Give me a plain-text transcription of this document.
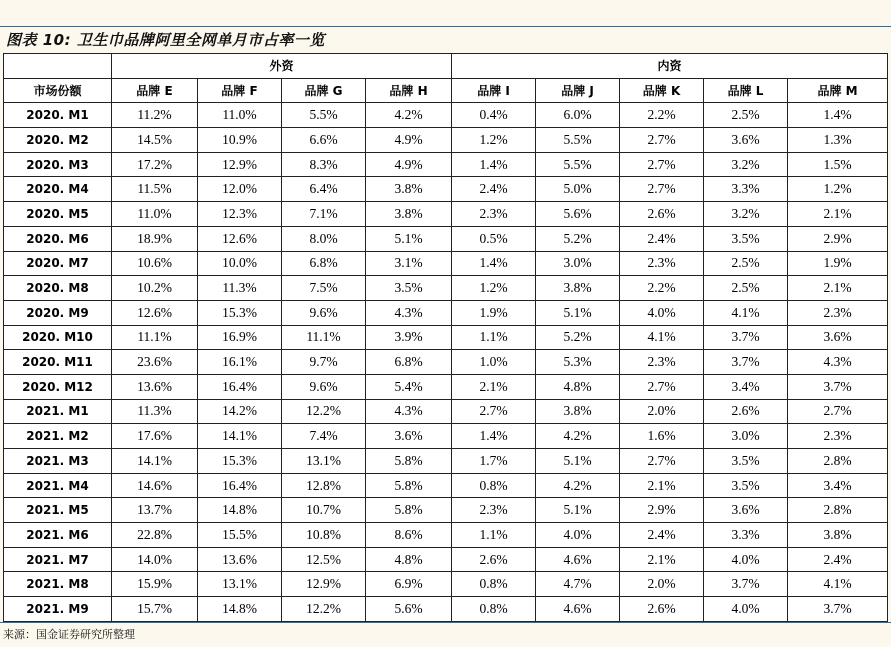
图表 10: 卫生巾品牌阿里全网单月市占率一览
	外资				内资				
市场份额	品牌 E	品牌 F	品牌 G	品牌 H	品牌 I	品牌 J	品牌 K	品牌 L	品牌 M
2020. M1	11.2%	11.0%	5.5%	4.2%	0.4%	6.0%	2.2%	2.5%	1.4%
2020. M2	14.5%	10.9%	6.6%	4.9%	1.2%	5.5%	2.7%	3.6%	1.3%
2020. M3	17.2%	12.9%	8.3%	4.9%	1.4%	5.5%	2.7%	3.2%	1.5%
2020. M4	11.5%	12.0%	6.4%	3.8%	2.4%	5.0%	2.7%	3.3%	1.2%
2020. M5	11.0%	12.3%	7.1%	3.8%	2.3%	5.6%	2.6%	3.2%	2.1%
2020. M6	18.9%	12.6%	8.0%	5.1%	0.5%	5.2%	2.4%	3.5%	2.9%
2020. M7	10.6%	10.0%	6.8%	3.1%	1.4%	3.0%	2.3%	2.5%	1.9%
2020. M8	10.2%	11.3%	7.5%	3.5%	1.2%	3.8%	2.2%	2.5%	2.1%
2020. M9	12.6%	15.3%	9.6%	4.3%	1.9%	5.1%	4.0%	4.1%	2.3%
2020. M10	11.1%	16.9%	11.1%	3.9%	1.1%	5.2%	4.1%	3.7%	3.6%
2020. M11	23.6%	16.1%	9.7%	6.8%	1.0%	5.3%	2.3%	3.7%	4.3%
2020. M12	13.6%	16.4%	9.6%	5.4%	2.1%	4.8%	2.7%	3.4%	3.7%
2021. M1	11.3%	14.2%	12.2%	4.3%	2.7%	3.8%	2.0%	2.6%	2.7%
2021. M2	17.6%	14.1%	7.4%	3.6%	1.4%	4.2%	1.6%	3.0%	2.3%
2021. M3	14.1%	15.3%	13.1%	5.8%	1.7%	5.1%	2.7%	3.5%	2.8%
2021. M4	14.6%	16.4%	12.8%	5.8%	0.8%	4.2%	2.1%	3.5%	3.4%
2021. M5	13.7%	14.8%	10.7%	5.8%	2.3%	5.1%	2.9%	3.6%	2.8%
2021. M6	22.8%	15.5%	10.8%	8.6%	1.1%	4.0%	2.4%	3.3%	3.8%
2021. M7	14.0%	13.6%	12.5%	4.8%	2.6%	4.6%	2.1%	4.0%	2.4%
2021. M8	15.9%	13.1%	12.9%	6.9%	0.8%	4.7%	2.0%	3.7%	4.1%
2021. M9	15.7%	14.8%	12.2%	5.6%	0.8%	4.6%	2.6%	4.0%	3.7%
来源：国金证券研究所整理
